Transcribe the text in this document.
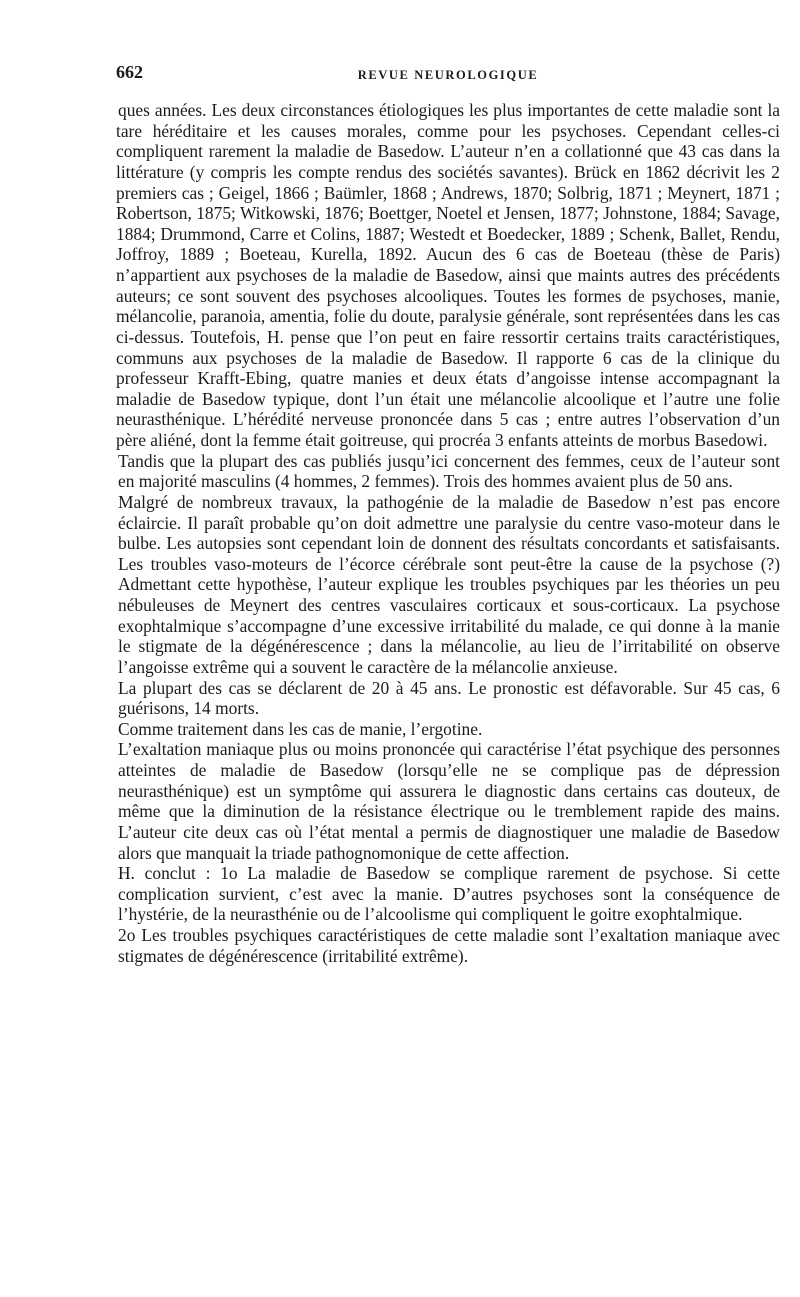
662	REVUE NEUROLOGIQUE

ques années. Les deux circonstances étiologiques les plus importantes de cette maladie sont la tare héréditaire et les causes morales, comme pour les psychoses. Cependant celles-ci compliquent rarement la maladie de Basedow. L’auteur n’en a collationné que 43 cas dans la littérature (y compris les compte rendus des sociétés savantes). Brück en 1862 décrivit les 2 premiers cas ; Geigel, 1866 ; Baümler, 1868 ; Andrews, 1870; Solbrig, 1871 ; Meynert, 1871 ; Robertson, 1875; Witkowski, 1876; Boettger, Noetel et Jensen, 1877; Johnstone, 1884; Savage, 1884; Drummond, Carre et Colins, 1887; Westedt et Boedecker, 1889 ; Schenk, Ballet, Rendu, Joffroy, 1889 ; Boeteau, Kurella, 1892. Aucun des 6 cas de Boeteau (thèse de Paris) n’appartient aux psychoses de la maladie de Basedow, ainsi que maints autres des précédents auteurs; ce sont souvent des psychoses alcooliques. Toutes les formes de psychoses, manie, mélancolie, paranoia, amentia, folie du doute, paralysie générale, sont représentées dans les cas ci-dessus. Toutefois, H. pense que l’on peut en faire ressortir certains traits caractéristiques, communs aux psychoses de la maladie de Basedow. Il rapporte 6 cas de la clinique du professeur Krafft-Ebing, quatre manies et deux états d’angoisse intense accompagnant la maladie de Basedow typique, dont l’un était une mélancolie alcoolique et l’autre une folie neurasthénique. L’hérédité nerveuse prononcée dans 5 cas ; entre autres l’observation d’un père aliéné, dont la femme était goitreuse, qui procréa 3 enfants atteints de morbus Basedowi.

Tandis que la plupart des cas publiés jusqu’ici concernent des femmes, ceux de l’auteur sont en majorité masculins (4 hommes, 2 femmes). Trois des hommes avaient plus de 50 ans.

Malgré de nombreux travaux, la pathogénie de la maladie de Basedow n’est pas encore éclaircie. Il paraît probable qu’on doit admettre une paralysie du centre vaso-moteur dans le bulbe. Les autopsies sont cependant loin de donnent des résultats concordants et satisfaisants. Les troubles vaso-moteurs de l’écorce cérébrale sont peut-être la cause de la psychose (?) Admettant cette hypothèse, l’auteur explique les troubles psychiques par les théories un peu nébuleuses de Meynert des centres vasculaires corticaux et sous-corticaux. La psychose exophtalmique s’accompagne d’une excessive irritabilité du malade, ce qui donne à la manie le stigmate de la dégénérescence ; dans la mélancolie, au lieu de l’irritabilité on observe l’angoisse extrême qui a souvent le caractère de la mélancolie anxieuse.

La plupart des cas se déclarent de 20 à 45 ans. Le pronostic est défavorable. Sur 45 cas, 6 guérisons, 14 morts.

Comme traitement dans les cas de manie, l’ergotine.

L’exaltation maniaque plus ou moins prononcée qui caractérise l’état psychique des personnes atteintes de maladie de Basedow (lorsqu’elle ne se complique pas de dépression neurasthénique) est un symptôme qui assurera le diagnostic dans certains cas douteux, de même que la diminution de la résistance électrique ou le tremblement rapide des mains. L’auteur cite deux cas où l’état mental a permis de diagnostiquer une maladie de Basedow alors que manquait la triade pathognomonique de cette affection.

H. conclut : 1o La maladie de Basedow se complique rarement de psychose. Si cette complication survient, c’est avec la manie. D’autres psychoses sont la conséquence de l’hystérie, de la neurasthénie ou de l’alcoolisme qui compliquent le goitre exophtalmique.

2o Les troubles psychiques caractéristiques de cette maladie sont l’exaltation maniaque avec stigmates de dégénérescence (irritabilité extrême).
